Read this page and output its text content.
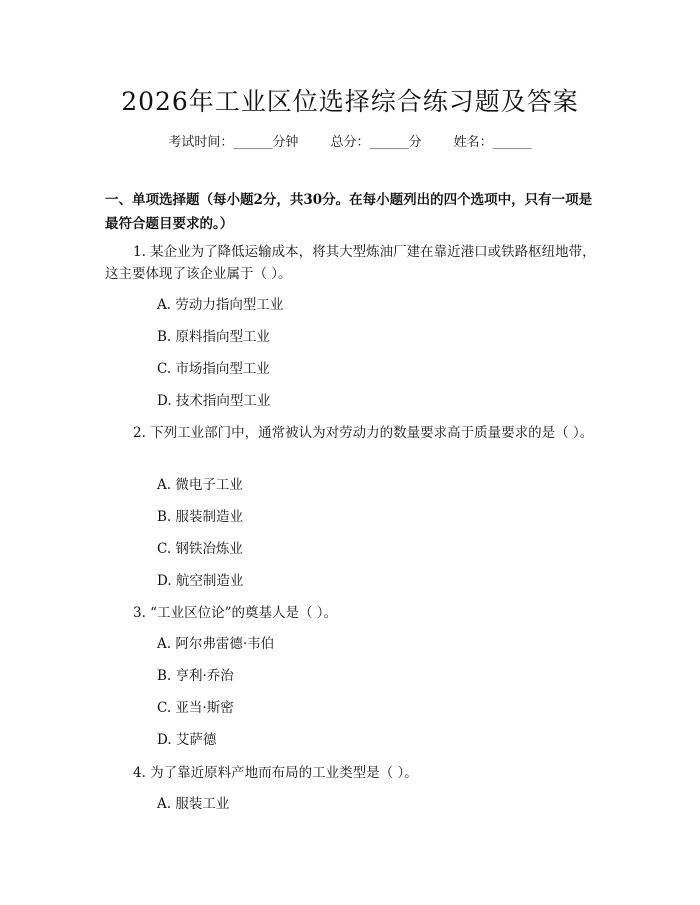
2026年工业区位选择综合练习题及答案
考试时间：______分钟 总分：______分 姓名：______
一、单项选择题（每小题2分，共30分。在每小题列出的四个选项中，只有一项是最符合题目要求的。）
1. 某企业为了降低运输成本，将其大型炼油厂建在靠近港口或铁路枢纽地带，这主要体现了该企业属于（ ）。
A. 劳动力指向型工业
B. 原料指向型工业
C. 市场指向型工业
D. 技术指向型工业
2. 下列工业部门中，通常被认为对劳动力的数量要求高于质量要求的是（ ）。
A. 微电子工业
B. 服装制造业
C. 钢铁冶炼业
D. 航空制造业
3. “工业区位论”的奠基人是（ ）。
A. 阿尔弗雷德·韦伯
B. 亨利·乔治
C. 亚当·斯密
D. 艾萨德
4. 为了靠近原料产地而布局的工业类型是（ ）。
A. 服装工业
